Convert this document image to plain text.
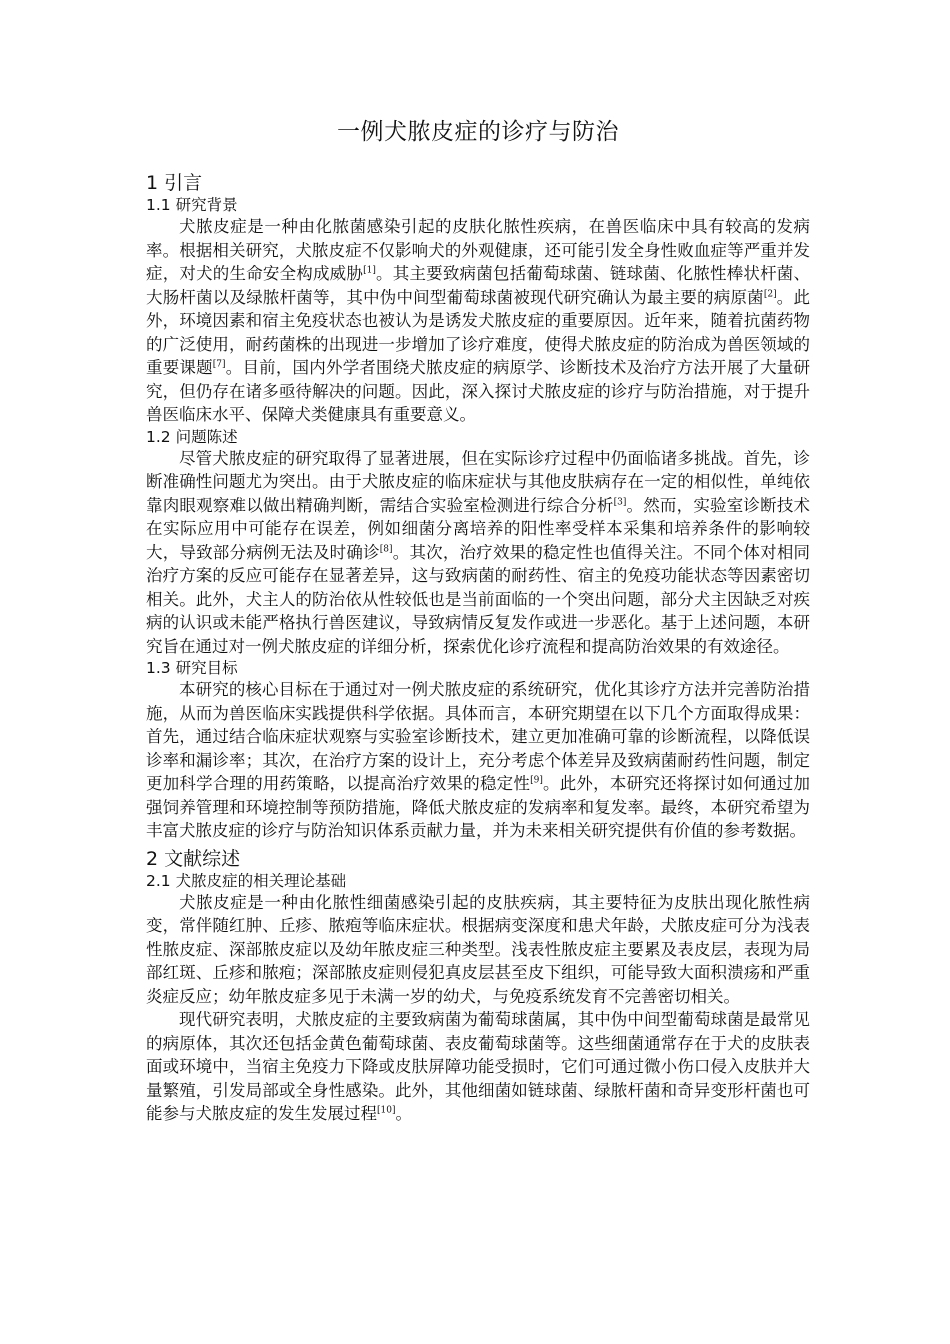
一例犬脓皮症的诊疗与防治
1 引言
1.1 研究背景

犬脓皮症是一种由化脓菌感染引起的皮肤化脓性疾病，在兽医临床中具有较高的发病率。根据相关研究，犬脓皮症不仅影响犬的外观健康，还可能引发全身性败血症等严重并发症，对犬的生命安全构成威胁[1]。其主要致病菌包括葡萄球菌、链球菌、化脓性棒状杆菌、大肠杆菌以及绿脓杆菌等，其中伪中间型葡萄球菌被现代研究确认为最主要的病原菌[2]。此外，环境因素和宿主免疫状态也被认为是诱发犬脓皮症的重要原因。近年来，随着抗菌药物的广泛使用，耐药菌株的出现进一步增加了诊疗难度，使得犬脓皮症的防治成为兽医领域的重要课题[7]。目前，国内外学者围绕犬脓皮症的病原学、诊断技术及治疗方法开展了大量研究，但仍存在诸多亟待解决的问题。因此，深入探讨犬脓皮症的诊疗与防治措施，对于提升兽医临床水平、保障犬类健康具有重要意义。

1.2 问题陈述

尽管犬脓皮症的研究取得了显著进展，但在实际诊疗过程中仍面临诸多挑战。首先，诊断准确性问题尤为突出。由于犬脓皮症的临床症状与其他皮肤病存在一定的相似性，单纯依靠肉眼观察难以做出精确判断，需结合实验室检测进行综合分析[3]。然而，实验室诊断技术在实际应用中可能存在误差，例如细菌分离培养的阳性率受样本采集和培养条件的影响较大，导致部分病例无法及时确诊[8]。其次，治疗效果的稳定性也值得关注。不同个体对相同治疗方案的反应可能存在显著差异，这与致病菌的耐药性、宿主的免疫功能状态等因素密切相关。此外，犬主人的防治依从性较低也是当前面临的一个突出问题，部分犬主因缺乏对疾病的认识或未能严格执行兽医建议，导致病情反复发作或进一步恶化。基于上述问题，本研究旨在通过对一例犬脓皮症的详细分析，探索优化诊疗流程和提高防治效果的有效途径。

1.3 研究目标

本研究的核心目标在于通过对一例犬脓皮症的系统研究，优化其诊疗方法并完善防治措施，从而为兽医临床实践提供科学依据。具体而言，本研究期望在以下几个方面取得成果：首先，通过结合临床症状观察与实验室诊断技术，建立更加准确可靠的诊断流程，以降低误诊率和漏诊率；其次，在治疗方案的设计上，充分考虑个体差异及致病菌耐药性问题，制定更加科学合理的用药策略，以提高治疗效果的稳定性[9]。此外，本研究还将探讨如何通过加强饲养管理和环境控制等预防措施，降低犬脓皮症的发病率和复发率。最终，本研究希望为丰富犬脓皮症的诊疗与防治知识体系贡献力量，并为未来相关研究提供有价值的参考数据。

2 文献综述
2.1 犬脓皮症的相关理论基础

犬脓皮症是一种由化脓性细菌感染引起的皮肤疾病，其主要特征为皮肤出现化脓性病变，常伴随红肿、丘疹、脓疱等临床症状。根据病变深度和患犬年龄，犬脓皮症可分为浅表性脓皮症、深部脓皮症以及幼年脓皮症三种类型。浅表性脓皮症主要累及表皮层，表现为局部红斑、丘疹和脓疱；深部脓皮症则侵犯真皮层甚至皮下组织，可能导致大面积溃疡和严重炎症反应；幼年脓皮症多见于未满一岁的幼犬，与免疫系统发育不完善密切相关。

现代研究表明，犬脓皮症的主要致病菌为葡萄球菌属，其中伪中间型葡萄球菌是最常见的病原体，其次还包括金黄色葡萄球菌、表皮葡萄球菌等。这些细菌通常存在于犬的皮肤表面或环境中，当宿主免疫力下降或皮肤屏障功能受损时，它们可通过微小伤口侵入皮肤并大量繁殖，引发局部或全身性感染。此外，其他细菌如链球菌、绿脓杆菌和奇异变形杆菌也可能参与犬脓皮症的发生发展过程[10]。
